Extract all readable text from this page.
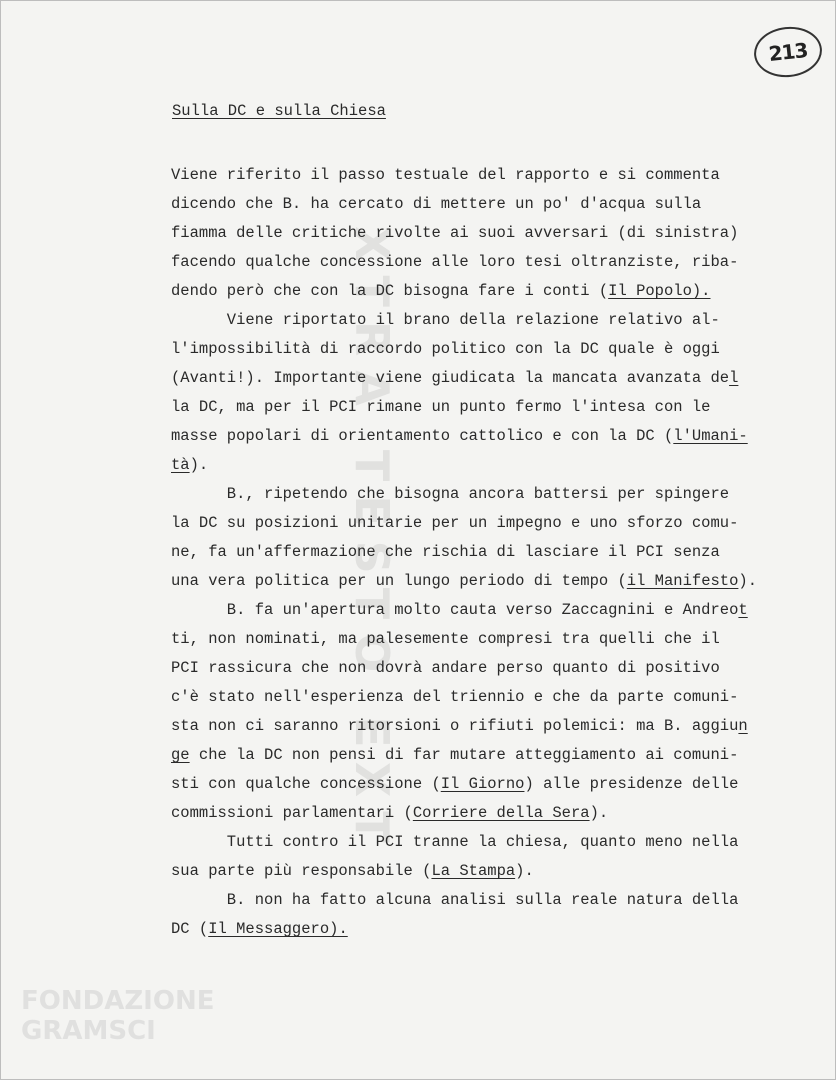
XTRA TESTO EXT
FONDAZIONE
GRAMSCI
213
Sulla DC e sulla Chiesa
Viene riferito il passo testuale del rapporto e si commenta
dicendo che B. ha cercato di mettere un po' d'acqua sulla
fiamma delle critiche rivolte ai suoi avversari (di sinistra)
facendo qualche concessione alle loro tesi oltranziste, riba-
dendo però che con la DC bisogna fare i conti (Il Popolo).
Viene riportato il brano della relazione relativo al-
l'impossibilità di raccordo politico con la DC quale è oggi
(Avanti!). Importante viene giudicata la mancata avanzata del
la DC, ma per il PCI rimane un punto fermo l'intesa con le
masse popolari di orientamento cattolico e con la DC (l'Umani-
tà).
B., ripetendo che bisogna ancora battersi per spingere
la DC su posizioni unitarie per un impegno e uno sforzo comu-
ne, fa un'affermazione che rischia di lasciare il PCI senza
una vera politica per un lungo periodo di tempo (il Manifesto).
B. fa un'apertura molto cauta verso Zaccagnini e Andreot
ti, non nominati, ma palesemente compresi tra quelli che il
PCI rassicura che non dovrà andare perso quanto di positivo
c'è stato nell'esperienza del triennio e che da parte comuni-
sta non ci saranno ritorsioni o rifiuti polemici: ma B. aggiun
ge che la DC non pensi di far mutare atteggiamento ai comuni-
sti con qualche concessione (Il Giorno) alle presidenze delle
commissioni parlamentari (Corriere della Sera).
Tutti contro il PCI tranne la chiesa, quanto meno nella
sua parte più responsabile (La Stampa).
B. non ha fatto alcuna analisi sulla reale natura della
DC (Il Messaggero).
